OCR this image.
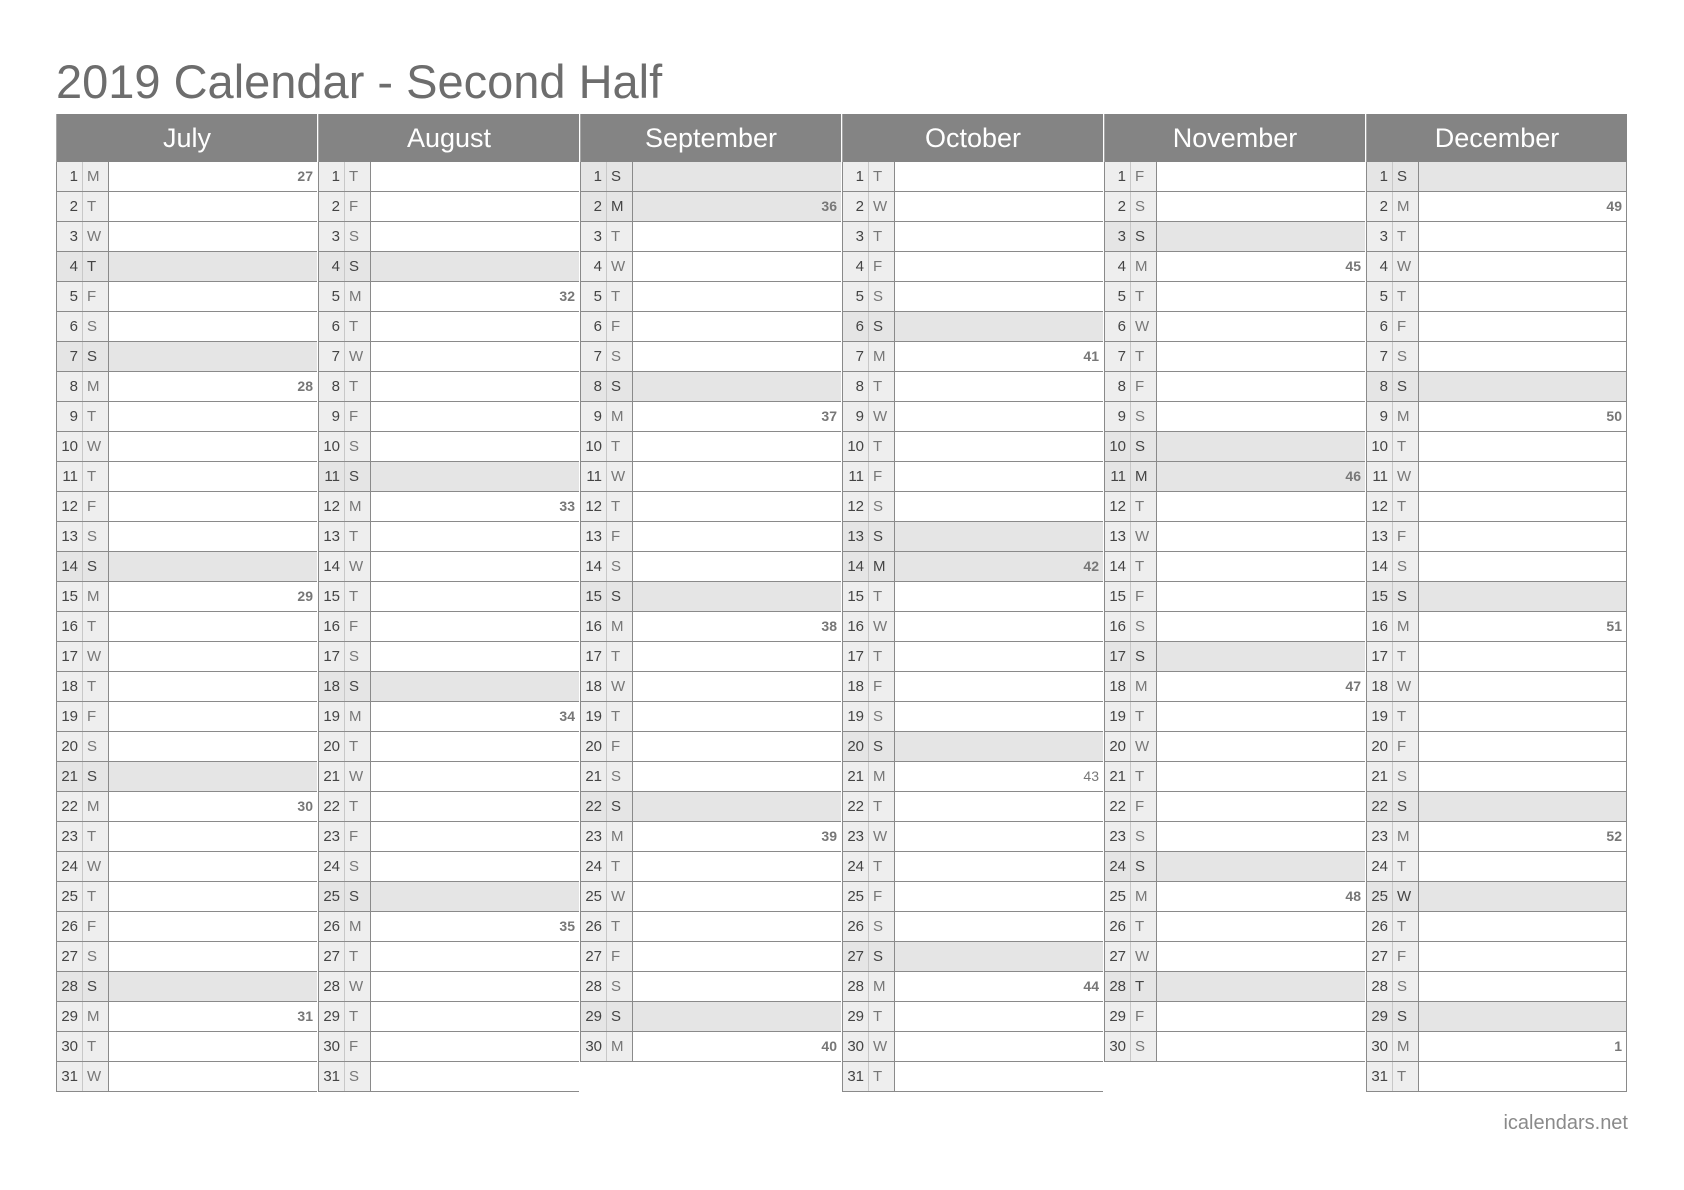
2019 Calendar - Second Half
July
1 M	27
2 T
3 W
4 T
5 F
6 S
7 S
8 M	28
9 T
10 W
11 T
12 F
13 S
14 S
15 M	29
16 T
17 W
18 T
19 F
20 S
21 S
22 M	30
23 T
24 W
25 T
26 F
27 S
28 S
29 M	31
30 T
31 W
August
1 T
2 F
3 S
4 S
5 M	32
6 T
7 W
8 T
9 F
10 S
11 S
12 M	33
13 T
14 W
15 T
16 F
17 S
18 S
19 M	34
20 T
21 W
22 T
23 F
24 S
25 S
26 M	35
27 T
28 W
29 T
30 F
31 S
September
1 S
2 M	36
3 T
4 W
5 T
6 F
7 S
8 S
9 M	37
10 T
11 W
12 T
13 F
14 S
15 S
16 M	38
17 T
18 W
19 T
20 F
21 S
22 S
23 M	39
24 T
25 W
26 T
27 F
28 S
29 S
30 M	40
October
1 T
2 W
3 T
4 F
5 S
6 S
7 M	41
8 T
9 W
10 T
11 F
12 S
13 S
14 M	42
15 T
16 W
17 T
18 F
19 S
20 S
21 M	43
22 T
23 W
24 T
25 F
26 S
27 S
28 M	44
29 T
30 W
31 T
November
1 F
2 S
3 S
4 M	45
5 T
6 W
7 T
8 F
9 S
10 S
11 M	46
12 T
13 W
14 T
15 F
16 S
17 S
18 M	47
19 T
20 W
21 T
22 F
23 S
24 S
25 M	48
26 T
27 W
28 T
29 F
30 S
December
1 S
2 M	49
3 T
4 W
5 T
6 F
7 S
8 S
9 M	50
10 T
11 W
12 T
13 F
14 S
15 S
16 M	51
17 T
18 W
19 T
20 F
21 S
22 S
23 M	52
24 T
25 W
26 T
27 F
28 S
29 S
30 M	1
31 T
icalendars.net
